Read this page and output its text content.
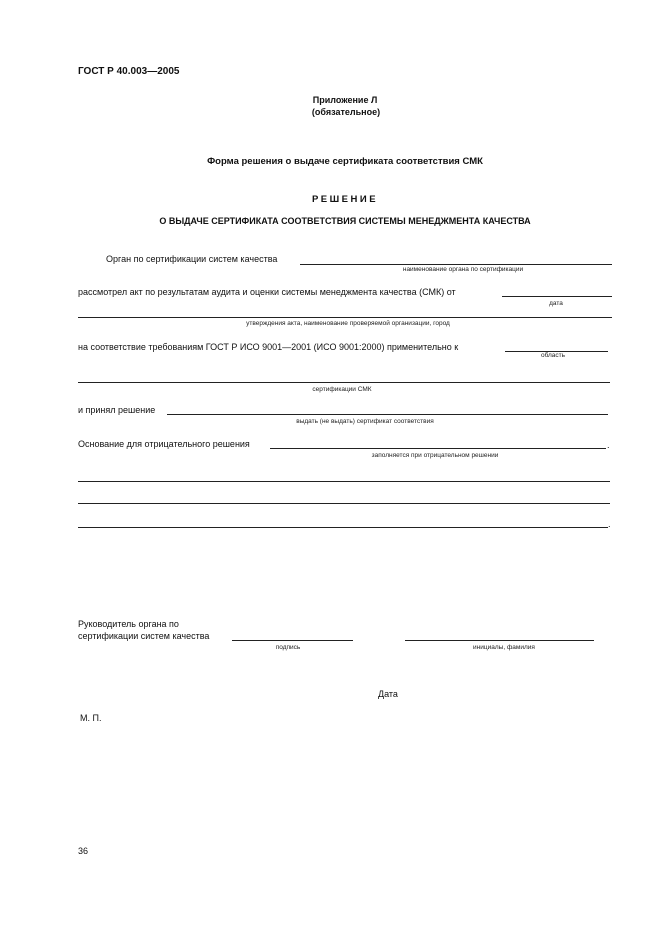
ГОСТ Р 40.003—2005
Приложение Л
(обязательное)
Форма решения о выдаче сертификата соответствия СМК
РЕШЕНИЕ
О ВЫДАЧЕ СЕРТИФИКАТА СООТВЕТСТВИЯ СИСТЕМЫ МЕНЕДЖМЕНТА КАЧЕСТВА
Орган по сертификации систем качества
наименование органа по сертификации
рассмотрел акт по результатам аудита и оценки системы менеджмента качества (СМК) от
дата
утверждения акта, наименование проверяемой организации, город
на соответствие требованиям ГОСТ Р ИСО 9001—2001 (ИСО 9001:2000) применительно к
область
сертификации СМК
и принял решение
выдать (не выдать) сертификат соответствия
Основание для отрицательного решения	.
заполняется при отрицательном решении
.
Руководитель органа по
сертификации систем качества
подпись	инициалы, фамилия
Дата
М. П.
36
